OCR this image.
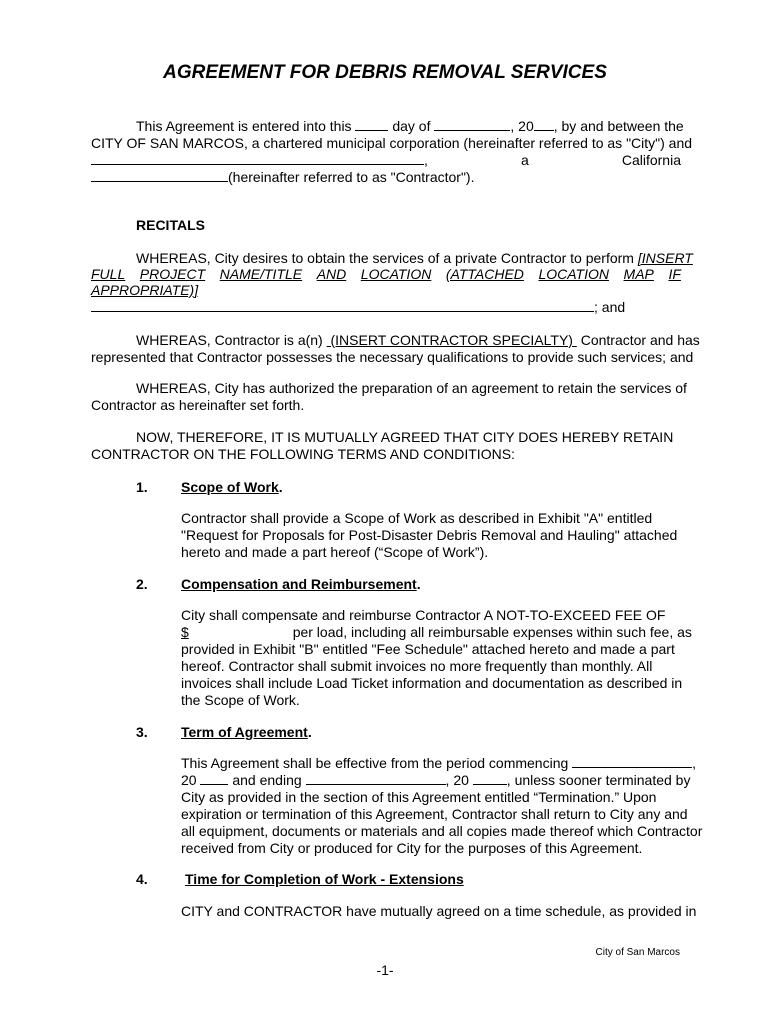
AGREEMENT FOR DEBRIS REMOVAL SERVICES
This Agreement is entered into this	day of	, 20 , by and between the
CITY OF SAN MARCOS, a chartered municipal corporation (hereinafter referred to as "City") and
,	a	California
(hereinafter referred to as "Contractor").
RECITALS
WHEREAS, City desires to obtain the services of a private Contractor to perform [INSERT
FULL PROJECT NAME/TITLE AND LOCATION (ATTACHED LOCATION MAP IF
APPROPRIATE)]
; and
WHEREAS, Contractor is a(n) (INSERT CONTRACTOR SPECIALTY) Contractor and has
represented that Contractor possesses the necessary qualifications to provide such services; and
WHEREAS, City has authorized the preparation of an agreement to retain the services of
Contractor as hereinafter set forth.
NOW, THEREFORE, IT IS MUTUALLY AGREED THAT CITY DOES HEREBY RETAIN
CONTRACTOR ON THE FOLLOWING TERMS AND CONDITIONS:
1. Scope of Work.
Contractor shall provide a Scope of Work as described in Exhibit "A" entitled
"Request for Proposals for Post-Disaster Debris Removal and Hauling" attached
hereto and made a part hereof (“Scope of Work”).
2. Compensation and Reimbursement.
City shall compensate and reimburse Contractor A NOT-TO-EXCEED FEE OF
$	per load, including all reimbursable expenses within such fee, as
provided in Exhibit "B" entitled "Fee Schedule" attached hereto and made a part
hereof. Contractor shall submit invoices no more frequently than monthly. All
invoices shall include Load Ticket information and documentation as described in
the Scope of Work.
3. Term of Agreement.
This Agreement shall be effective from the period commencing	,
20	and ending	, 20	, unless sooner terminated by
City as provided in the section of this Agreement entitled “Termination.” Upon
expiration or termination of this Agreement, Contractor shall return to City any and
all equipment, documents or materials and all copies made thereof which Contractor
received from City or produced for City for the purposes of this Agreement.
4.	Time for Completion of Work - Extensions
CITY and CONTRACTOR have mutually agreed on a time schedule, as provided in
City of San Marcos
-1-
